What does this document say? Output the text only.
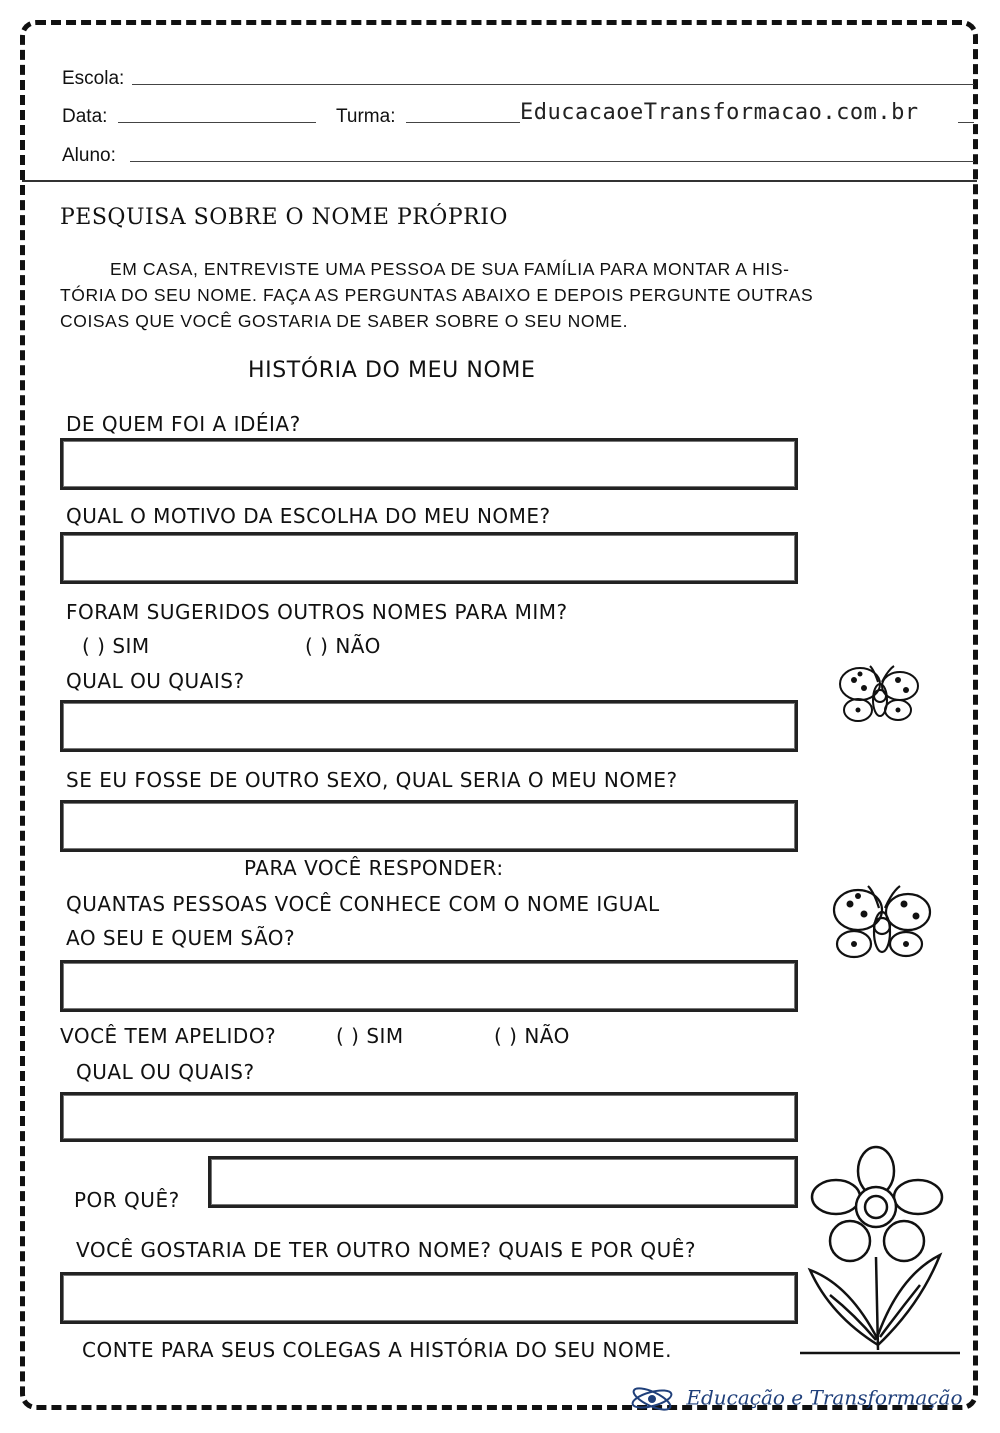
Escola:
Data:	Turma:	EducacaoeTransformacao.com.br
Aluno:
PESQUISA SOBRE O NOME PRÓPRIO
EM CASA, ENTREVISTE UMA PESSOA DE SUA FAMÍLIA PARA MONTAR A HIS-
TÓRIA DO SEU NOME. FAÇA AS PERGUNTAS ABAIXO E DEPOIS PERGUNTE OUTRAS
COISAS QUE VOCÊ GOSTARIA DE SABER SOBRE O SEU NOME.
HISTÓRIA DO MEU NOME
DE QUEM FOI A IDÉIA?
QUAL O MOTIVO DA ESCOLHA DO MEU NOME?
FORAM SUGERIDOS OUTROS NOMES PARA MIM?
( ) SIM	( ) NÃO
QUAL OU QUAIS?
SE EU FOSSE DE OUTRO SEXO, QUAL SERIA O MEU NOME?
PARA VOCÊ RESPONDER:
QUANTAS PESSOAS VOCÊ CONHECE COM O NOME IGUAL
AO SEU E QUEM SÃO?
VOCÊ TEM APELIDO?	( ) SIM	( ) NÃO
QUAL OU QUAIS?
POR QUÊ?
VOCÊ GOSTARIA DE TER OUTRO NOME? QUAIS E POR QUÊ?
CONTE PARA SEUS COLEGAS A HISTÓRIA DO SEU NOME.
Educação e Transformação
